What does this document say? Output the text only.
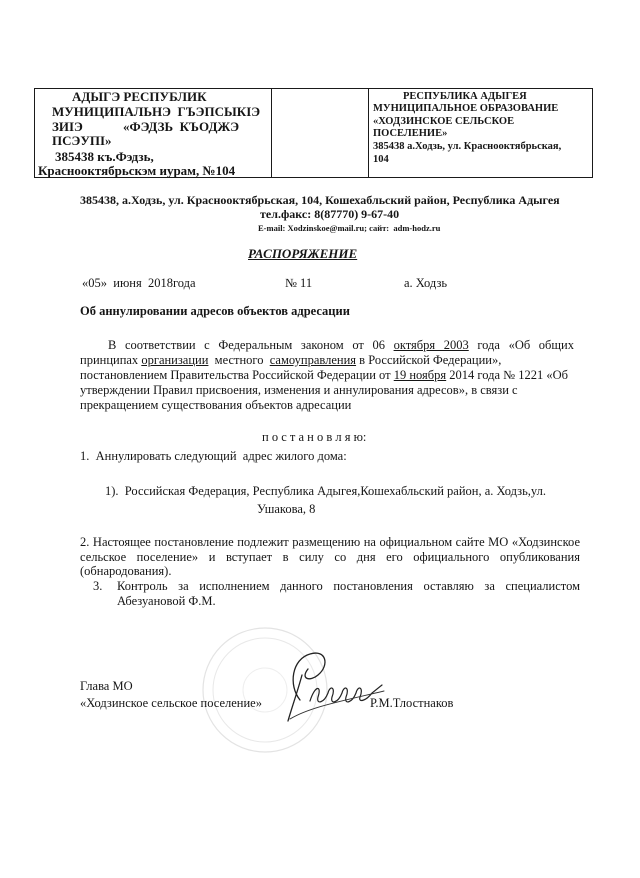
АДЫГЭ РЕСПУБЛИК
МУНИЦИПАЛЬНЭ  ГЪЭПСЫКIЭ
ЗИIЭ	«ФЭДЗЬ  КЪОДЖЭ
ПСЭУПI»
385438 къ.Фэдзь,
Краснооктябрьскэм иурам, №104
РЕСПУБЛИКА АДЫГЕЯ
МУНИЦИПАЛЬНОЕ ОБРАЗОВАНИЕ
«ХОДЗИНСКОЕ СЕЛЬСКОЕ
ПОСЕЛЕНИЕ»
385438 а.Ходзь, ул. Краснооктябрьская,
104
385438, а.Ходзь, ул. Краснооктябрьская, 104, Кошехабльский район, Республика Адыгея
тел.факс: 8(87770) 9-67-40
E-mail: Xodzinskoe@mail.ru; сайт:  adm-hodz.ru
РАСПОРЯЖЕНИЕ
«05»  июня  2018года	№ 11	а. Ходзь
Об аннулировании адресов объектов адресации
В соответствии с Федеральным законом от 06 октября 2003 года «Об общих
принципах организации  местного  самоуправления в Российской Федерации»,
постановлением Правительства Российской Федерации от 19 ноября 2014 года № 1221 «Об
утверждении Правил присвоения, изменения и аннулирования адресов», в связи с
прекращением существования объектов адресации
п о с т а н о в л я ю:
1.  Аннулировать следующий  адрес жилого дома:
1).  Российская Федерация, Республика Адыгея,Кошехабльский район, а. Ходзь,ул.
Ушакова, 8
2. Настоящее постановление подлежит размещению на официальном сайте МО «Ходзинское
сельское поселение» и вступает в силу со дня его официального опубликования
(обнародования).
3. Контроль за исполнением данного постановления оставляю за специалистом
Абезуановой Ф.М.
Глава МО
«Ходзинское сельское поселение»	Р.М.Тлостнаков
